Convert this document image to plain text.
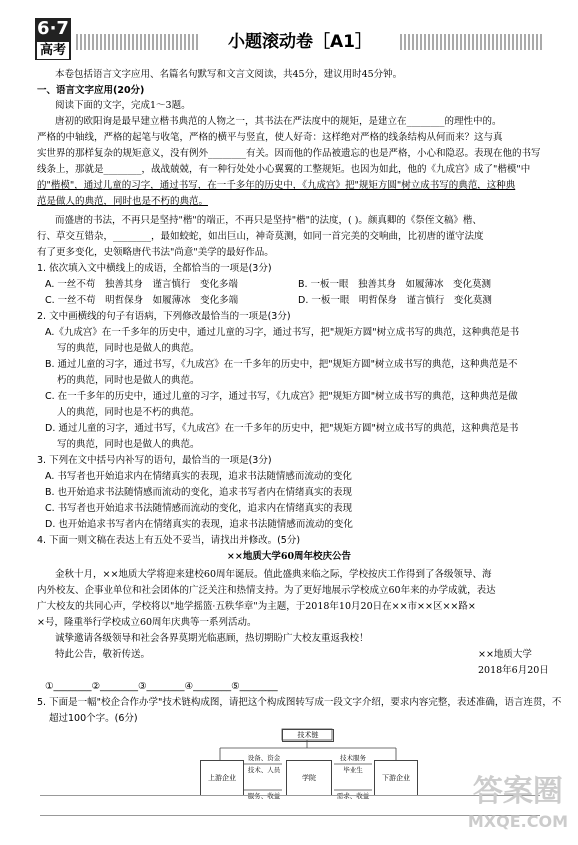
6·7
高考	小题滚动卷［A1］
本卷包括语言文字应用、名篇名句默写和文言文阅读，共45分，建议用时45分钟。
一、语言文字应用(20分)
阅读下面的文字，完成1～3题。
唐初的欧阳询是最早建立楷书典范的人物之一，其书法在严法度中的规矩，是建立在________的理性中的。
严格的中轴线，严格的起笔与收笔，严格的横平与竖直，使人好奇：这样绝对严格的线条结构从何而来？这与真
实世界的那样复杂的规矩意义，没有例外________有关。因而他的作品被遗忘的也是严格，小心和隐忍。表现在他的书写
线条上，那就是________，战战兢兢，有一种行处处小心翼翼的工整规矩。也因为如此，他的《九成宫》成了"楷模"中
的"楷模"，通过儿童的习字，通过书写，在一千多年的历史中，《九成宫》把"规矩方圆"树立成书写的典范，这种典
范是做人的典范，同时也是不朽的典范。
而盛唐的书法，不再只是坚持"楷"的端正，不再只是坚持"楷"的法度，( )。颜真卿的《祭侄文稿》楷、
行、草交互错杂，________，最如蛟蛇，如出巨山，神奇莫测，如同一首完美的交响曲，比初唐的谨守法度
有了更多变化，史领略唐代书法"尚意"美学的最好作品。
1. 依次填入文中横线上的成语，全都恰当的一项是(3分)
A. 一丝不苟　独善其身　谨言慎行　变化多端	B. 一板一眼　独善其身　如履薄冰　变化莫测
C. 一丝不苟　明哲保身　如履薄冰　变化多端	D. 一板一眼　明哲保身　谨言慎行　变化莫测
2. 文中画横线的句子有语病，下列修改最恰当的一项是(3分)
A.《九成宫》在一千多年的历史中，通过儿童的习字，通过书写，把"规矩方圆"树立成书写的典范，这种典范是书
写的典范，同时也是做人的典范。
B. 通过儿童的习字，通过书写，《九成宫》在一千多年的历史中，把"规矩方圆"树立成书写的典范，这种典范是不
朽的典范，同时也是做人的典范。
C. 在一千多年的历史中，通过儿童的习字，通过书写，《九成宫》把"规矩方圆"树立成书写的典范，这种典范是做
人的典范，同时也是不朽的典范。
D. 通过儿童的习字，通过书写，《九成宫》在一千多年的历史中，把"规矩方圆"树立成书写的典范，这种典范是书
写的典范，同时也是做人的典范。
3. 下列在文中括号内补写的语句，最恰当的一项是(3分)
A. 书写者也开始追求内在情绪真实的表现，追求书法随情感而流动的变化
B. 也开始追求书法随情感而流动的变化，追求书写者内在情绪真实的表现
C. 书写者也开始追求书法随情感而流动的变化，追求内在情绪真实的表现
D. 也开始追求书写者内在情绪真实的表现，追求书法随情感而流动的变化
4. 下面一则文稿在表达上有五处不妥当，请找出并修改。(5分)
××地质大学60周年校庆公告
金秋十月，××地质大学将迎来建校60周年诞辰。值此盛典来临之际，学校按庆工作得到了各级领导、海
内外校友、企事业单位和社会团体的广泛关注和热情支持。为了更好地展示学校成立60年来的办学成就，表达
广大校友的共同心声，学校将以"地学摇篮·五秩华章"为主题，于2018年10月20日在××市××区××路×
×号，隆重举行学校成立60周年庆典等一系列活动。
诚挚邀请各级领导和社会各界莫期光临惠顾，热切期盼广大校友重返我校！
特此公告，敬祈传送。	××地质大学
2018年6月20日
①________②________③________④________⑤________
5. 下面是一幅"校企合作办学"技术链构成图，请把这个构成图转写成一段文字介绍，要求内容完整，表述准确，语言连贯，不
超过100个字。(6分)
技术链
上游企业	学院	下游企业
设备、资金
技术、人员
服务、收益
技术服务
毕业生
需求、收益	答案圈
MXQE.COM
